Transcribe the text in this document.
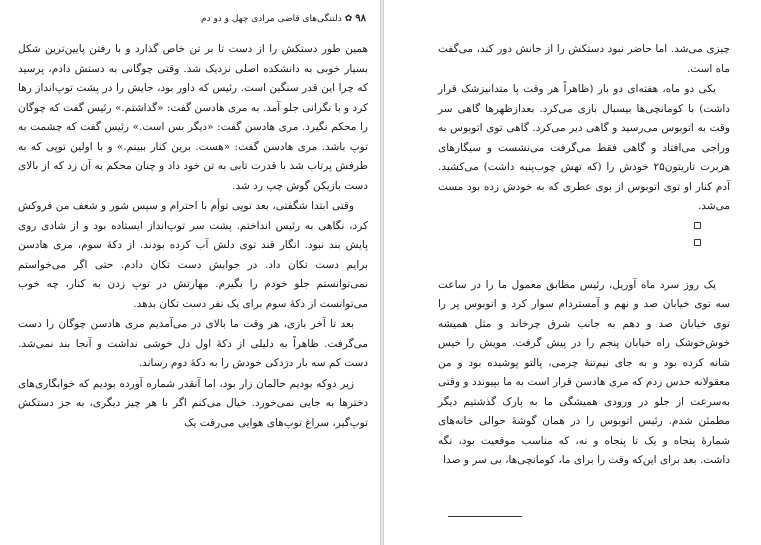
۹۸✿دلتنگی‌های قاضی مرادی چهل و دو دم

همین طور دستکش را از دست تا بر تن خاص گذارد و با رفتن پایین‌ترین شکل بسیار خوبی به دانشکده اصلی نزدیک شد. وقتی چوگانی به دستش دادم، پرسید که چرا این قدر سنگین است. رئیس که داور بود، جایش را در پشت توپ‌انداز رها کرد و با نگرانی جلو آمد. به مری هادسن گفت: «گذاشتم.» رئیس گفت که چوگان را محکم نگیرد. مری هادسن گفت: «دیگر بس است.» رئیس گفت که چشمت به توپ باشد. مری هادسن گفت: «هست. برین کنار ببینم.» و با اولین توپی که به طرفش پرتاب شد با قدرت تابی به تن خود داد و چنان محکم به آن زد که از بالای دست بازیکن گوش چپ رد شد.

وقتی ابتدا شگفتی، بعد توپی توأم با احترام و سپس شور و شعف من فروکش کرد، نگاهی به رئیس انداختم. پشت سر توپ‌انداز ایستاده بود و از شادی روی پایش بند نبود. انگار قند توی دلش آب کرده بودند. از دکهٔ سوم، مری هادسن برایم دست تکان داد. در جوابش دست تکان دادم. حتی اگر می‌خواستم نمی‌توانستم جلو خودم را بگیرم. مهارتش در توپ زدن به کنار، چه خوب می‌توانست از دکهٔ سوم برای یک نفر دست تکان بدهد.

بعد تا آخر بازی، هر وقت ما بالای در می‌آمدیم مری هادسن چوگان را دست می‌گرفت. ظاهراً به دلیلی از دکهٔ اول دل خوشی نداشت و آنجا بند نمی‌شد. دست کم سه بار دزدکی خودش را به دکهٔ دوم رساند.

زیر دوکه بودیم حالمان زار بود، اما آنقدر شماره آورده بودیم که خوابگاری‌های دخترها به جایی نمی‌خورد. خیال می‌کنم اگر با هر چیز دیگری، به جز دستکش توپ‌گیر، سراغ توپ‌های هوایی می‌رفت یک

چیزی می‌شد. اما حاضر نبود دستکش را از جانش دور کند، می‌گفت ماه است.

یکی دو ماه، هفته‌ای دو بار (ظاهراً هر وقت پا متدانیزشک قرار داشت) با کومانچی‌ها بیسبال بازی می‌کرد. بعدازظهرها گاهی سر وقت به اتوبوس می‌رسید و گاهی دیر می‌کرد. گاهی توی اتوبوس به وراجی می‌افتاد و گاهی فقط می‌گرفت می‌نشست و سیگارهای هربرت تاریتون‌۲۵ خودش را (که تهش چوب‌پنبه داشت) می‌کشید. آدم کنار او توی اتوبوس از بوی عطری که به خودش زده بود مست می‌شد.

یک روز سرد ماه آوریل، رئیس مطابق معمول ما را در ساعت سه توی خیابان صد و نهم و آمستردام سوار کرد و اتوبوس پر را توی خیابان صد و دهم به جانب شرق چرخاند و مثل همیشه خوش‌خوشک راه خیابان پنجم را در پیش گرفت. مویش را خیس شانه کرده بود و به جای نیم‌تنهٔ چرمی، پالتو پوشیده بود و من معقولانه حدس زدم که مری هادسن قرار است به ما بپیوندد و وقتی به‌سرعت از جلو در ورودی همیشگی ما به پارک گذشتیم دیگر مطمئن شدم. رئیس اتوبوس را در همان گوشهٔ حوالی خانه‌های شمارهٔ پنجاه و یک تا پنجاه و نه، که مناسب موقعیت بود، نگه داشت. بعد برای این‌که وقت را برای ما، کومانچی‌ها، بی سر و صدا
